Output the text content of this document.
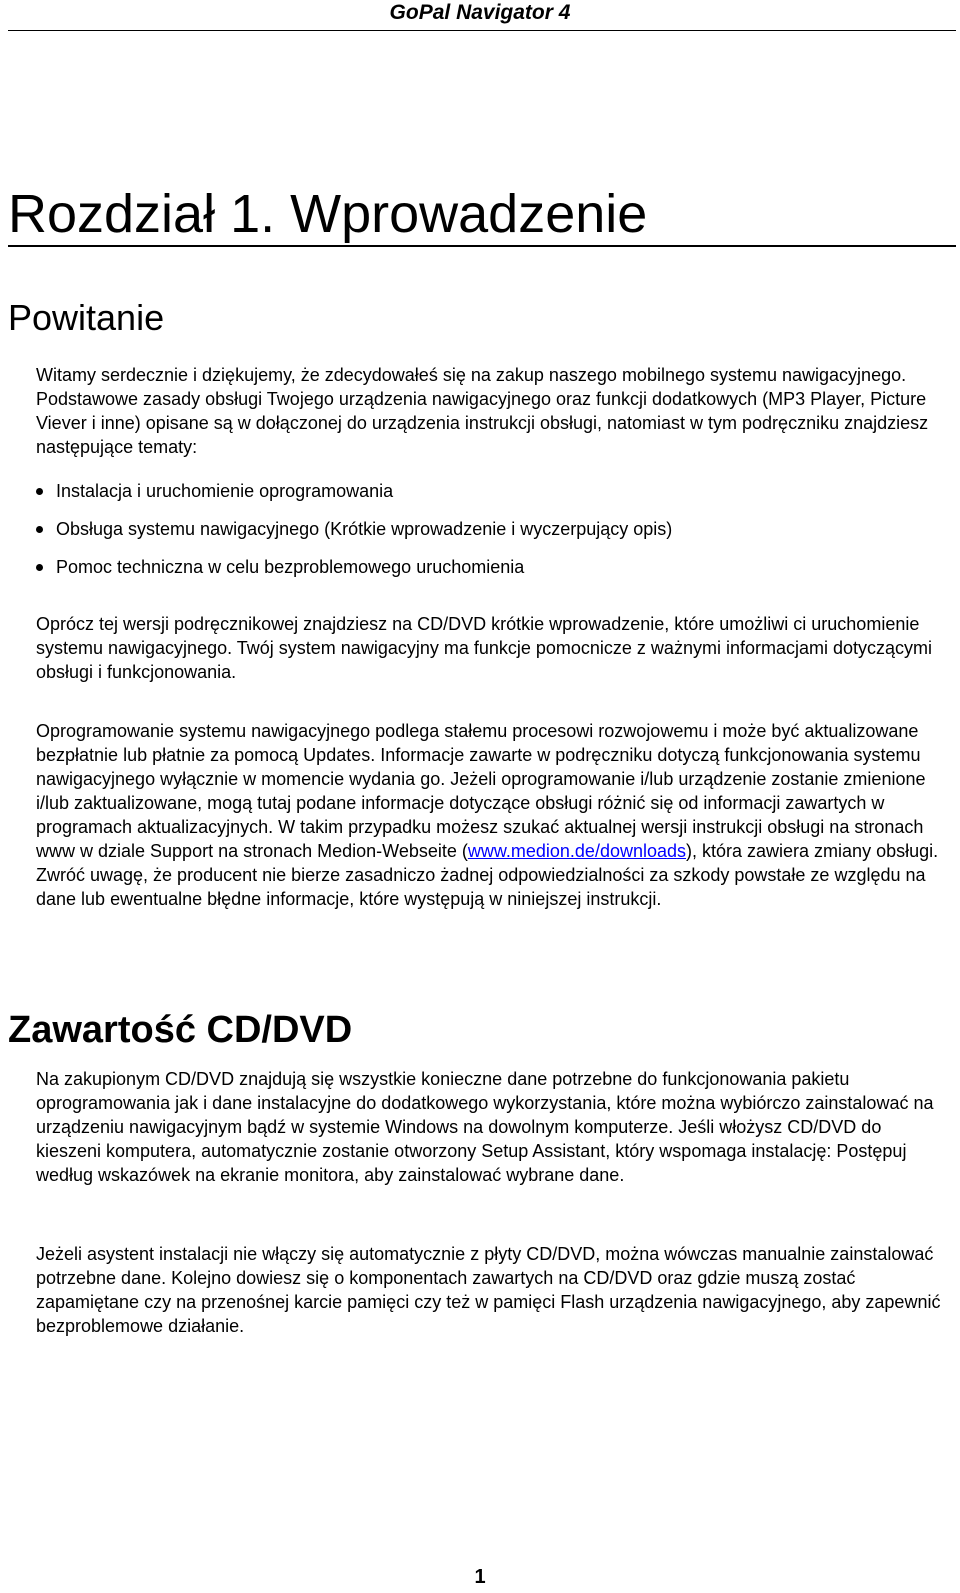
GoPal Navigator 4
Rozdział 1. Wprowadzenie
Powitanie

Witamy serdecznie i dziękujemy, że zdecydowałeś się na zakup naszego mobilnego systemu nawigacyjnego. Podstawowe zasady obsługi Twojego urządzenia nawigacyjnego oraz funkcji dodatkowych (MP3 Player, Picture Viever i inne) opisane są w dołączonej do urządzenia instrukcji obsługi, natomiast w tym podręczniku znajdziesz następujące tematy:

Instalacja i uruchomienie oprogramowania
Obsługa systemu nawigacyjnego (Krótkie wprowadzenie i wyczerpujący opis)
Pomoc techniczna w celu bezproblemowego uruchomienia

Oprócz tej wersji podręcznikowej znajdziesz na CD/DVD krótkie wprowadzenie, które umożliwi ci uruchomienie systemu nawigacyjnego. Twój system nawigacyjny ma funkcje pomocnicze z ważnymi informacjami dotyczącymi obsługi i funkcjonowania.

Oprogramowanie systemu nawigacyjnego podlega stałemu procesowi rozwojowemu i może być aktualizowane bezpłatnie lub płatnie za pomocą Updates. Informacje zawarte w podręczniku dotyczą funkcjonowania systemu nawigacyjnego wyłącznie w momencie wydania go. Jeżeli oprogramowanie i/lub urządzenie zostanie zmienione i/lub zaktualizowane, mogą tutaj podane informacje dotyczące obsługi różnić się od informacji zawartych w programach aktualizacyjnych. W takim przypadku możesz szukać aktualnej wersji instrukcji obsługi na stronach www w dziale Support na stronach Medion-Webseite (www.medion.de/downloads), która zawiera zmiany obsługi. Zwróć uwagę, że producent nie bierze zasadniczo żadnej odpowiedzialności za szkody powstałe ze względu na dane lub ewentualne błędne informacje, które występują w niniejszej instrukcji.

Zawartość CD/DVD

Na zakupionym CD/DVD znajdują się wszystkie konieczne dane potrzebne do funkcjonowania pakietu oprogramowania jak i dane instalacyjne do dodatkowego wykorzystania, które można wybiórczo zainstalować na urządzeniu nawigacyjnym bądź w systemie Windows na dowolnym komputerze. Jeśli włożysz CD/DVD do kieszeni komputera, automatycznie zostanie otworzony Setup Assistant, który wspomaga instalację: Postępuj według wskazówek na ekranie monitora, aby zainstalować wybrane dane.

Jeżeli asystent instalacji nie włączy się automatycznie z płyty CD/DVD, można wówczas manualnie zainstalować potrzebne dane. Kolejno dowiesz się o komponentach zawartych na CD/DVD oraz gdzie muszą zostać zapamiętane czy na przenośnej karcie pamięci czy też w pamięci Flash urządzenia nawigacyjnego, aby zapewnić bezproblemowe działanie.

1
